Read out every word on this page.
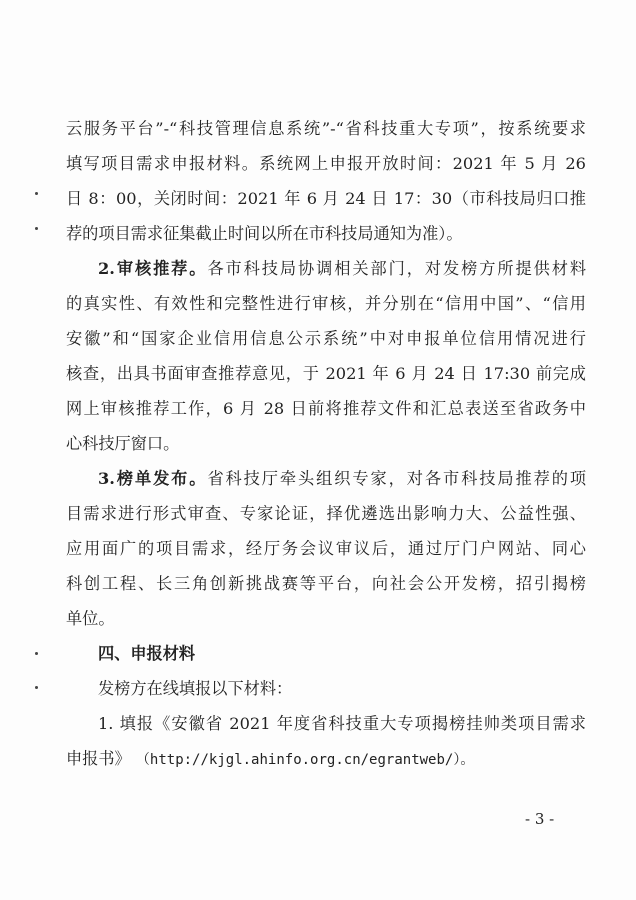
云服务平台”-“科技管理信息系统”-“省科技重大专项”，按系统要求
填写项目需求申报材料。系统网上申报开放时间：2021 年 5 月 26
日 8：00，关闭时间：2021 年 6 月 24 日 17：30（市科技局归口推
荐的项目需求征集截止时间以所在市科技局通知为准）。
2.审核推荐。各市科技局协调相关部门，对发榜方所提供材料
的真实性、有效性和完整性进行审核，并分别在“信用中国”、“信用
安徽”和“国家企业信用信息公示系统”中对申报单位信用情况进行
核查，出具书面审查推荐意见，于 2021 年 6 月 24 日 17:30 前完成
网上审核推荐工作，6 月 28 日前将推荐文件和汇总表送至省政务中
心科技厅窗口。
3.榜单发布。省科技厅牵头组织专家，对各市科技局推荐的项
目需求进行形式审查、专家论证，择优遴选出影响力大、公益性强、
应用面广的项目需求，经厅务会议审议后，通过厅门户网站、同心
科创工程、长三角创新挑战赛等平台，向社会公开发榜，招引揭榜
单位。
四、申报材料
发榜方在线填报以下材料：
1. 填报《安徽省 2021 年度省科技重大专项揭榜挂帅类项目需求
申报书》 （http://kjgl.ahinfo.org.cn/egrantweb/）。
- 3 -
